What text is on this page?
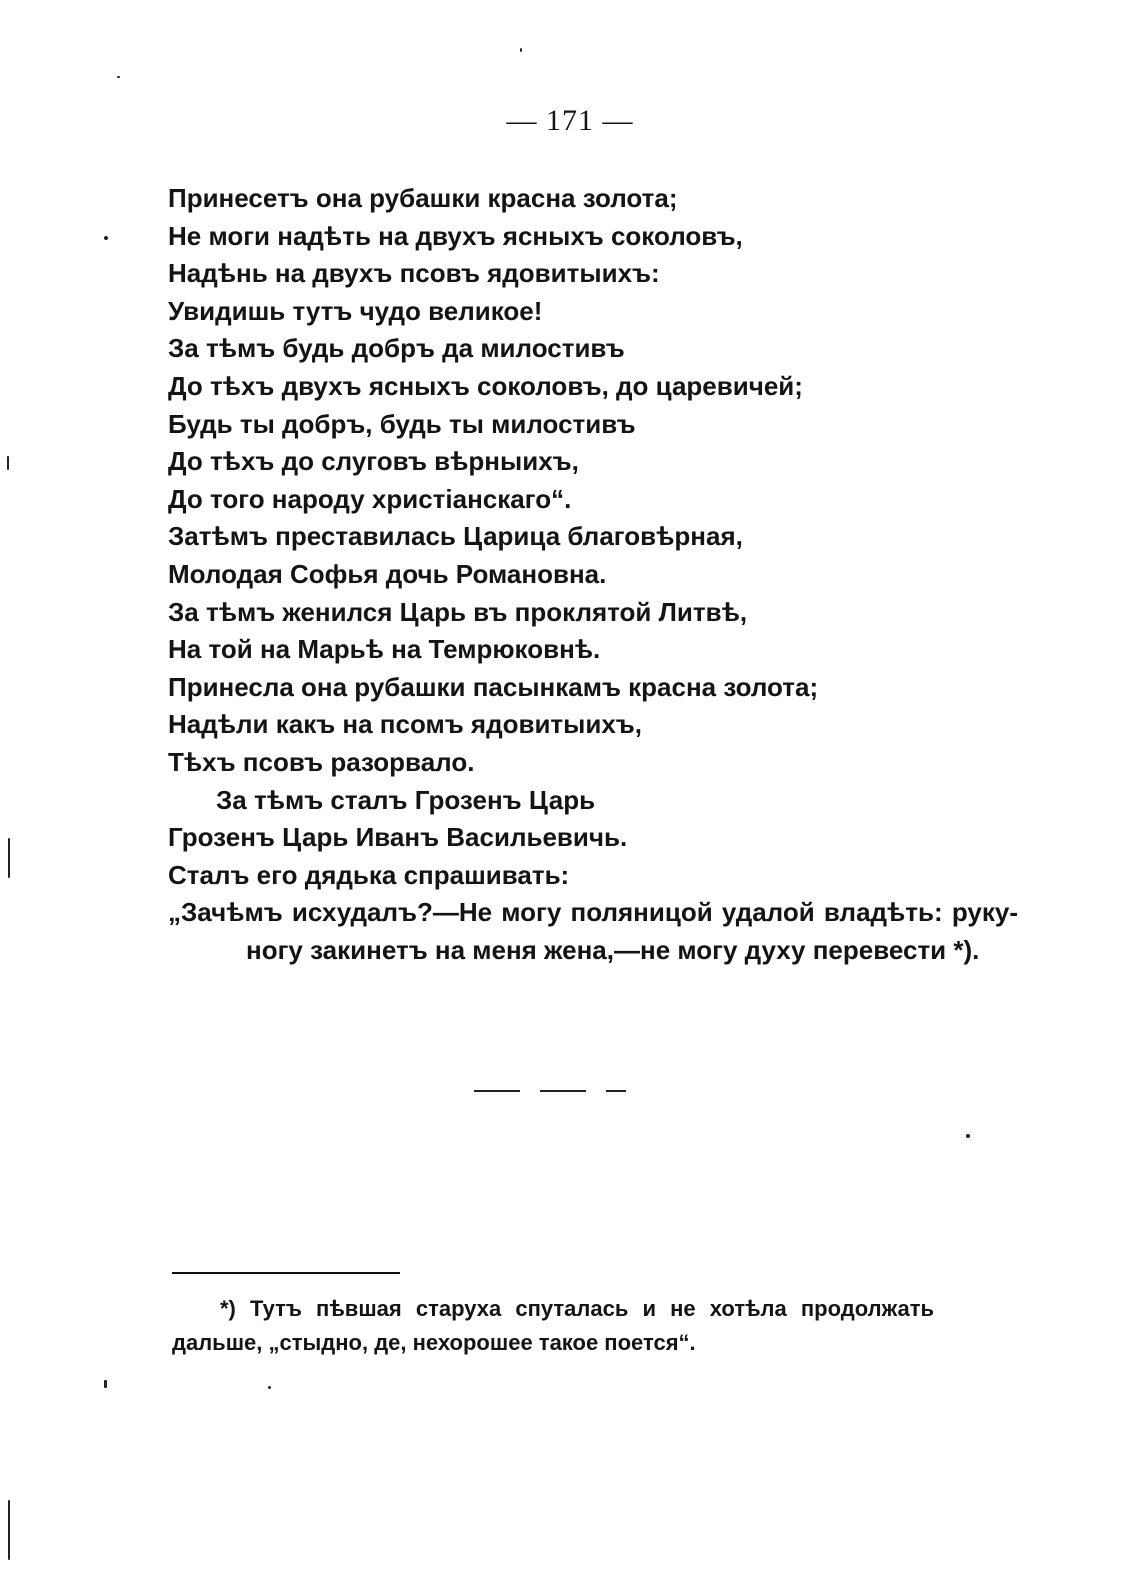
— 171 —
Принесетъ она рубашки красна золота;
Не моги надѣть на двухъ ясныхъ соколовъ,
Надѣнь на двухъ псовъ ядовитыихъ:
Увидишь тутъ чудо великое!
За тѣмъ будь добръ да милостивъ
До тѣхъ двухъ ясныхъ соколовъ, до царевичей;
Будь ты добръ, будь ты милостивъ
До тѣхъ до слуговъ вѣрныихъ,
До того народу христіанскаго“.
Затѣмъ преставилась Царица благовѣрная,
Молодая Софья дочь Романовна.
За тѣмъ женился Царь въ проклятой Литвѣ,
На той на Марьѣ на Темрюковнѣ.
Принесла она рубашки пасынкамъ красна золота;
Надѣли какъ на псомъ ядовитыихъ,
Тѣхъ псовъ разорвало.
За тѣмъ сталъ Грозенъ Царь
Грозенъ Царь Иванъ Васильевичь.
Сталъ его дядька спрашивать:

„Зачѣмъ исхудалъ?—Не могу поляницой удалой владѣть: руку-ногу закинетъ на меня жена,—не могу духу перевести *).

*) Тутъ пѣвшая старуха спуталась и не хотѣла продолжать дальше, „стыдно, де, нехорошее такое поется“.
